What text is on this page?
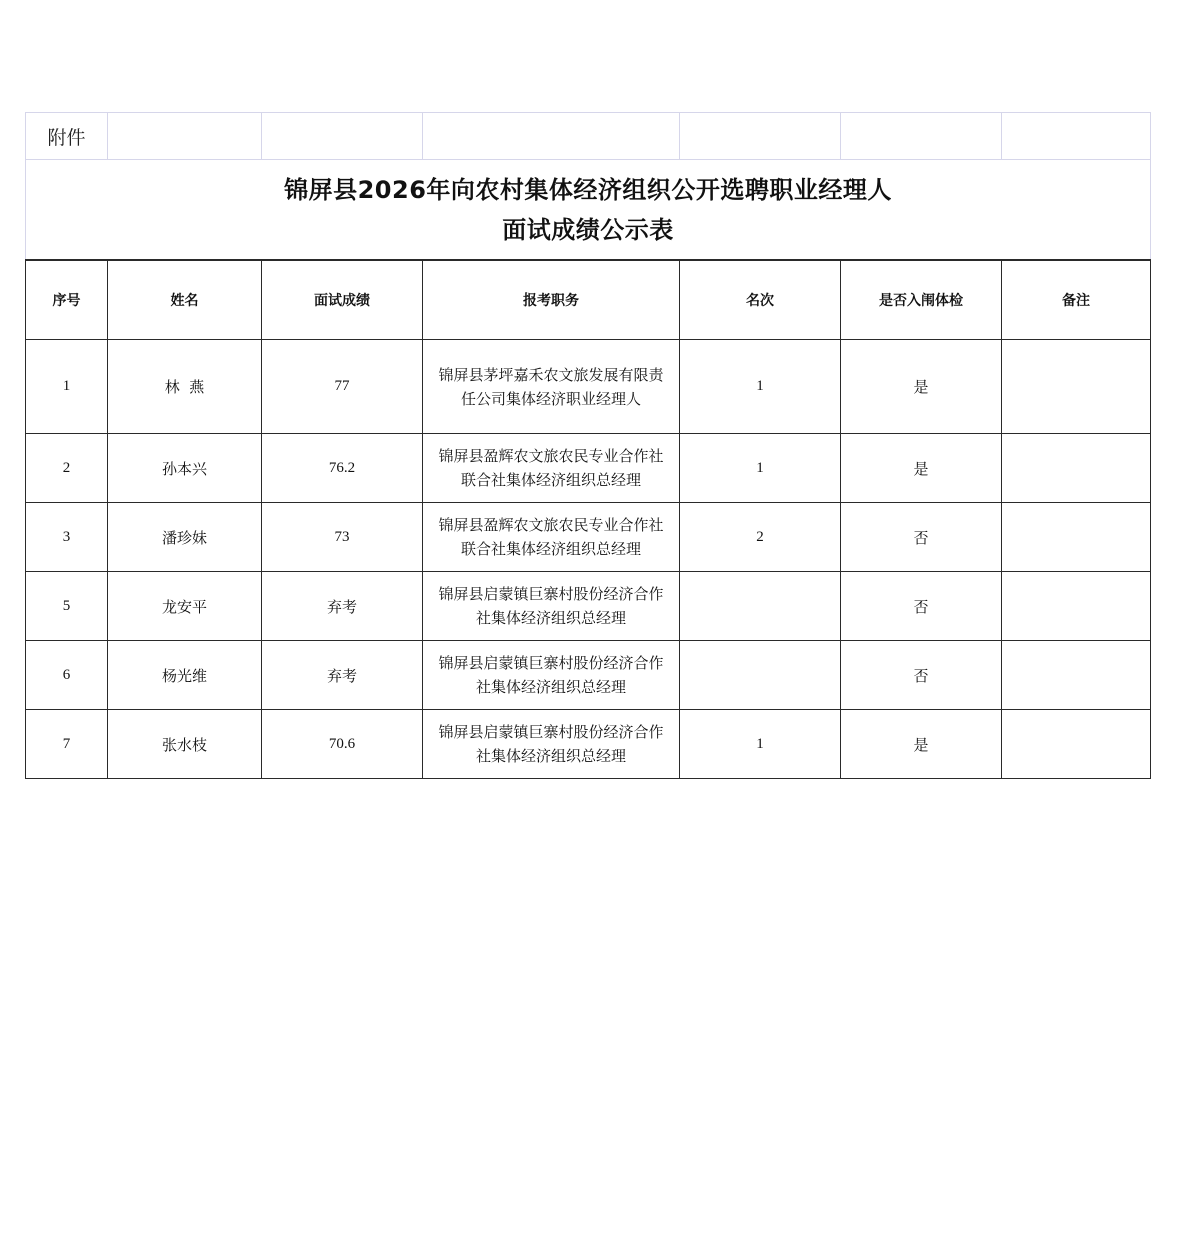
附件						

锦屏县2026年向农村集体经济组织公开选聘职业经理人
面试成绩公示表						

序号	姓名	面试成绩	报考职务	名次	是否入闱体检	备注
1	林  燕	77	锦屏县茅坪嘉禾农文旅发展有限责
任公司集体经济职业经理人	1	是	
2	孙本兴	76.2	锦屏县盈辉农文旅农民专业合作社
联合社集体经济组织总经理	1	是	
3	潘珍妹	73	锦屏县盈辉农文旅农民专业合作社
联合社集体经济组织总经理	2	否	
5	龙安平	弃考	锦屏县启蒙镇巨寨村股份经济合作
社集体经济组织总经理		否	
6	杨光维	弃考	锦屏县启蒙镇巨寨村股份经济合作
社集体经济组织总经理		否	
7	张水枝	70.6	锦屏县启蒙镇巨寨村股份经济合作
社集体经济组织总经理	1	是	
